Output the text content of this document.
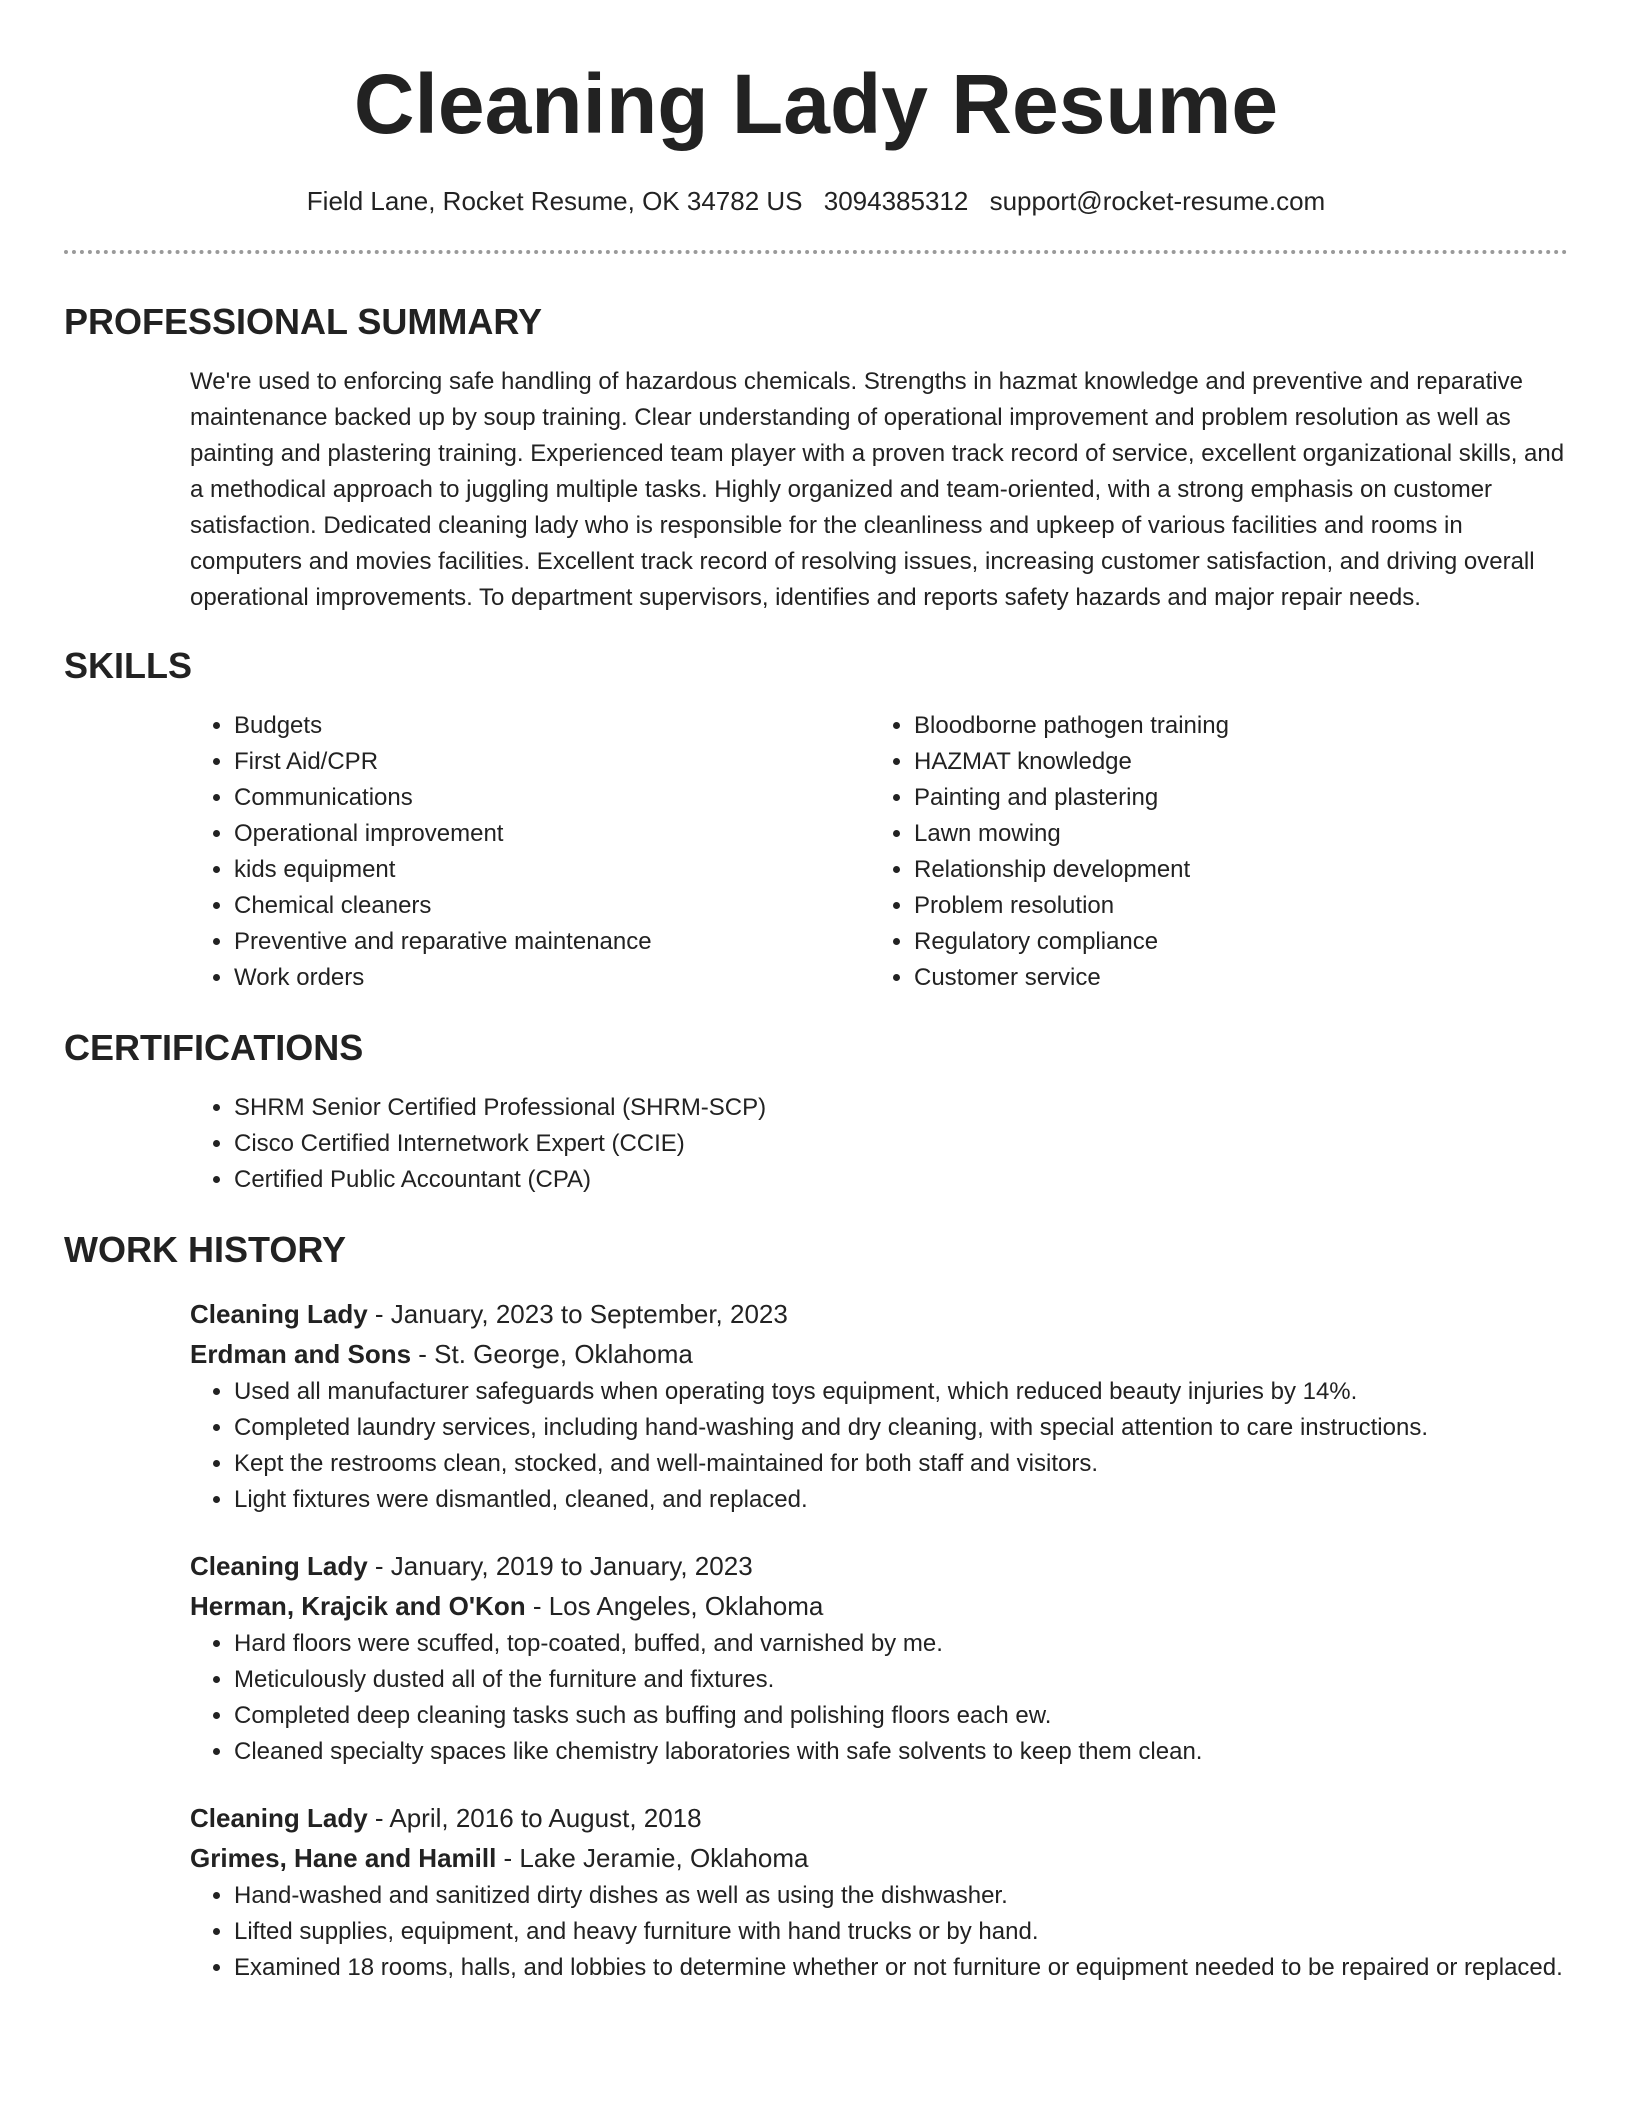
Cleaning Lady Resume
Field Lane, Rocket Resume, OK 34782 US 3094385312 support@rocket-resume.com
PROFESSIONAL SUMMARY
We're used to enforcing safe handling of hazardous chemicals. Strengths in hazmat knowledge and preventive and reparative maintenance backed up by soup training. Clear understanding of operational improvement and problem resolution as well as painting and plastering training. Experienced team player with a proven track record of service, excellent organizational skills, and a methodical approach to juggling multiple tasks. Highly organized and team-oriented, with a strong emphasis on customer satisfaction. Dedicated cleaning lady who is responsible for the cleanliness and upkeep of various facilities and rooms in computers and movies facilities. Excellent track record of resolving issues, increasing customer satisfaction, and driving overall operational improvements. To department supervisors, identifies and reports safety hazards and major repair needs.
SKILLS
• Budgets
• First Aid/CPR
• Communications
• Operational improvement
• kids equipment
• Chemical cleaners
• Preventive and reparative maintenance
• Work orders
• Bloodborne pathogen training
• HAZMAT knowledge
• Painting and plastering
• Lawn mowing
• Relationship development
• Problem resolution
• Regulatory compliance
• Customer service
CERTIFICATIONS
• SHRM Senior Certified Professional (SHRM-SCP)
• Cisco Certified Internetwork Expert (CCIE)
• Certified Public Accountant (CPA)
WORK HISTORY
Cleaning Lady - January, 2023 to September, 2023
Erdman and Sons - St. George, Oklahoma
• Used all manufacturer safeguards when operating toys equipment, which reduced beauty injuries by 14%.
• Completed laundry services, including hand-washing and dry cleaning, with special attention to care instructions.
• Kept the restrooms clean, stocked, and well-maintained for both staff and visitors.
• Light fixtures were dismantled, cleaned, and replaced.
Cleaning Lady - January, 2019 to January, 2023
Herman, Krajcik and O'Kon - Los Angeles, Oklahoma
• Hard floors were scuffed, top-coated, buffed, and varnished by me.
• Meticulously dusted all of the furniture and fixtures.
• Completed deep cleaning tasks such as buffing and polishing floors each ew.
• Cleaned specialty spaces like chemistry laboratories with safe solvents to keep them clean.
Cleaning Lady - April, 2016 to August, 2018
Grimes, Hane and Hamill - Lake Jeramie, Oklahoma
• Hand-washed and sanitized dirty dishes as well as using the dishwasher.
• Lifted supplies, equipment, and heavy furniture with hand trucks or by hand.
• Examined 18 rooms, halls, and lobbies to determine whether or not furniture or equipment needed to be repaired or replaced.
